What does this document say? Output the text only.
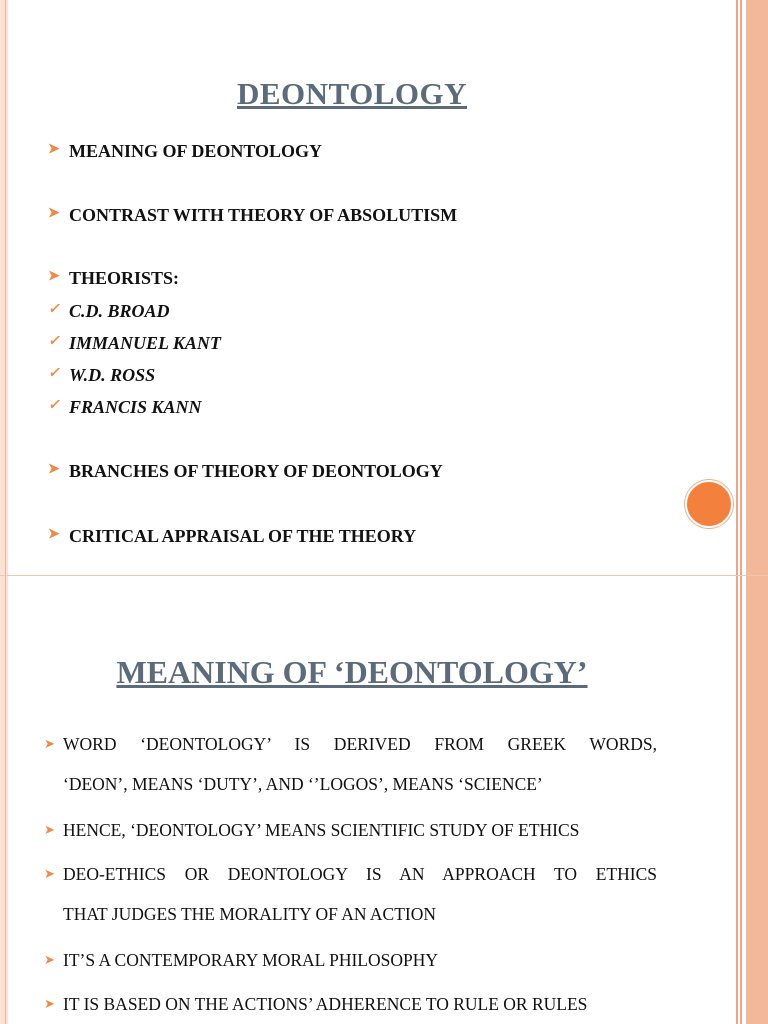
DEONTOLOGY
➤ MEANING OF DEONTOLOGY
➤ CONTRAST WITH THEORY OF ABSOLUTISM
➤ THEORISTS:
✓ C.D. BROAD
✓ IMMANUEL KANT
✓ W.D. ROSS
✓ FRANCIS KANN
➤ BRANCHES OF THEORY OF DEONTOLOGY
➤ CRITICAL APPRAISAL OF THE THEORY
MEANING OF ‘DEONTOLOGY’
➤ WORD ‘DEONTOLOGY’ IS DERIVED FROM GREEK WORDS,
‘DEON’, MEANS ‘DUTY’, AND ‘’LOGOS’, MEANS ‘SCIENCE’
➤ HENCE, ‘DEONTOLOGY’ MEANS SCIENTIFIC STUDY OF ETHICS
➤ DEO-ETHICS OR DEONTOLOGY IS AN APPROACH TO ETHICS
THAT JUDGES THE MORALITY OF AN ACTION
➤ IT’S A CONTEMPORARY MORAL PHILOSOPHY
➤ IT IS BASED ON THE ACTIONS’ ADHERENCE TO RULE OR RULES
